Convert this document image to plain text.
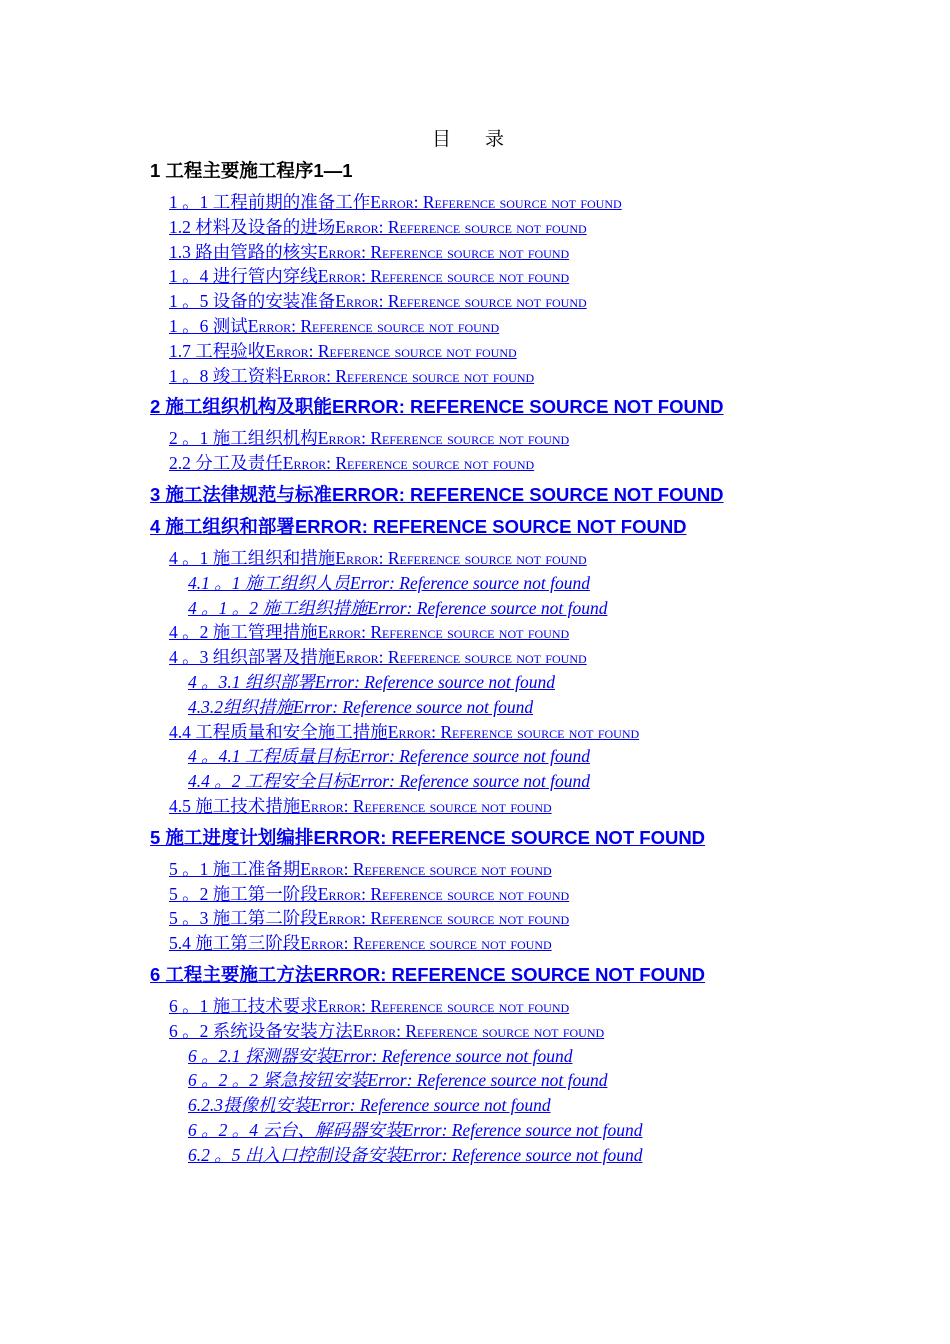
目 录
1 工程主要施工程序1—1
1 。1 工程前期的准备工作Error: Reference source not found
1.2 材料及设备的进场Error: Reference source not found
1.3 路由管路的核实Error: Reference source not found
1 。4 进行管内穿线Error: Reference source not found
1 。5 设备的安装准备Error: Reference source not found
1 。6 测试Error: Reference source not found
1.7 工程验收Error: Reference source not found
1 。8 竣工资料Error: Reference source not found
2 施工组织机构及职能ERROR: REFERENCE SOURCE NOT FOUND
2 。1 施工组织机构Error: Reference source not found
2.2 分工及责任Error: Reference source not found
3 施工法律规范与标准ERROR: REFERENCE SOURCE NOT FOUND
4 施工组织和部署ERROR: REFERENCE SOURCE NOT FOUND
4 。1 施工组织和措施Error: Reference source not found
4.1 。1 施工组织人员Error: Reference source not found
4 。1 。2 施工组织措施Error: Reference source not found
4 。2 施工管理措施Error: Reference source not found
4 。3 组织部署及措施Error: Reference source not found
4 。3.1 组织部署Error: Reference source not found
4.3.2组织措施Error: Reference source not found
4.4 工程质量和安全施工措施Error: Reference source not found
4 。4.1 工程质量目标Error: Reference source not found
4.4 。2 工程安全目标Error: Reference source not found
4.5 施工技术措施Error: Reference source not found
5 施工进度计划编排ERROR: REFERENCE SOURCE NOT FOUND
5 。1 施工准备期Error: Reference source not found
5 。2 施工第一阶段Error: Reference source not found
5 。3 施工第二阶段Error: Reference source not found
5.4 施工第三阶段Error: Reference source not found
6 工程主要施工方法ERROR: REFERENCE SOURCE NOT FOUND
6 。1 施工技术要求Error: Reference source not found
6 。2 系统设备安装方法Error: Reference source not found
6 。2.1 探测器安装Error: Reference source not found
6 。2 。2 紧急按钮安装Error: Reference source not found
6.2.3摄像机安装Error: Reference source not found
6 。2 。4 云台、解码器安装Error: Reference source not found
6.2 。5 出入口控制设备安装Error: Reference source not found
